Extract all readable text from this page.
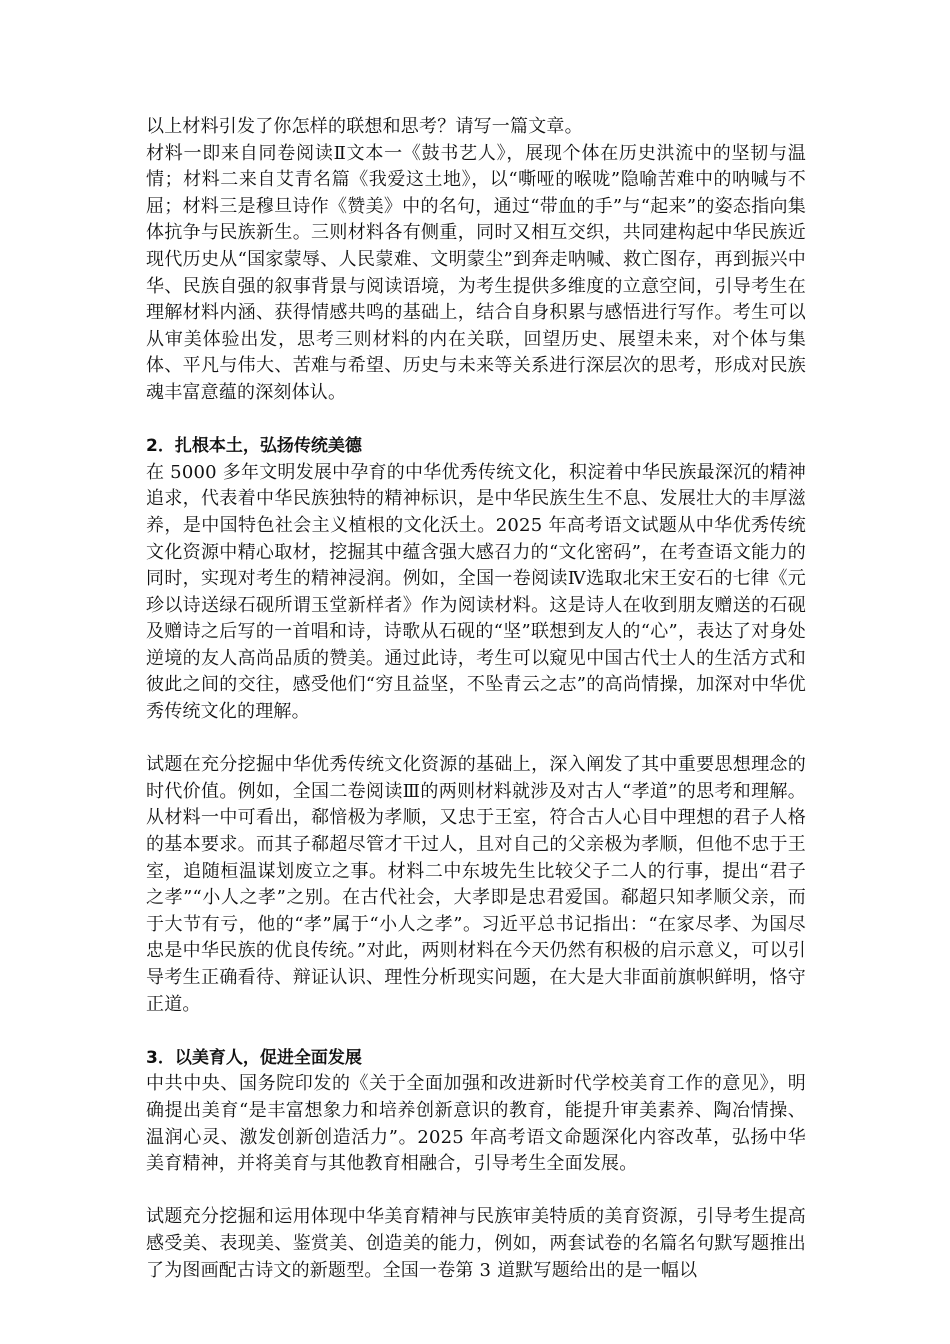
以上材料引发了你怎样的联想和思考？请写一篇文章。

材料一即来自同卷阅读Ⅱ文本一《鼓书艺人》，展现个体在历史洪流中的坚韧与温情；材料二来自艾青名篇《我爱这土地》，以“嘶哑的喉咙”隐喻苦难中的呐喊与不屈；材料三是穆旦诗作《赞美》中的名句，通过“带血的手”与“起来”的姿态指向集体抗争与民族新生。三则材料各有侧重，同时又相互交织，共同建构起中华民族近现代历史从“国家蒙辱、人民蒙难、文明蒙尘”到奔走呐喊、救亡图存，再到振兴中华、民族自强的叙事背景与阅读语境，为考生提供多维度的立意空间，引导考生在理解材料内涵、获得情感共鸣的基础上，结合自身积累与感悟进行写作。考生可以从审美体验出发，思考三则材料的内在关联，回望历史、展望未来，对个体与集体、平凡与伟大、苦难与希望、历史与未来等关系进行深层次的思考，形成对民族魂丰富意蕴的深刻体认。

2．扎根本土，弘扬传统美德

在 5000 多年文明发展中孕育的中华优秀传统文化，积淀着中华民族最深沉的精神追求，代表着中华民族独特的精神标识，是中华民族生生不息、发展壮大的丰厚滋养，是中国特色社会主义植根的文化沃土。2025 年高考语文试题从中华优秀传统文化资源中精心取材，挖掘其中蕴含强大感召力的“文化密码”，在考查语文能力的同时，实现对考生的精神浸润。例如，全国一卷阅读Ⅳ选取北宋王安石的七律《元珍以诗送绿石砚所谓玉堂新样者》作为阅读材料。这是诗人在收到朋友赠送的石砚及赠诗之后写的一首唱和诗，诗歌从石砚的“坚”联想到友人的“心”，表达了对身处逆境的友人高尚品质的赞美。通过此诗，考生可以窥见中国古代士人的生活方式和彼此之间的交往，感受他们“穷且益坚，不坠青云之志”的高尚情操，加深对中华优秀传统文化的理解。

试题在充分挖掘中华优秀传统文化资源的基础上，深入阐发了其中重要思想理念的时代价值。例如，全国二卷阅读Ⅲ的两则材料就涉及对古人“孝道”的思考和理解。从材料一中可看出，郗愔极为孝顺，又忠于王室，符合古人心目中理想的君子人格的基本要求。而其子郗超尽管才干过人，且对自己的父亲极为孝顺，但他不忠于王室，追随桓温谋划废立之事。材料二中东坡先生比较父子二人的行事，提出“君子之孝”“小人之孝”之别。在古代社会，大孝即是忠君爱国。郗超只知孝顺父亲，而于大节有亏，他的“孝”属于“小人之孝”。习近平总书记指出：“在家尽孝、为国尽忠是中华民族的优良传统。”对此，两则材料在今天仍然有积极的启示意义，可以引导考生正确看待、辩证认识、理性分析现实问题，在大是大非面前旗帜鲜明，恪守正道。

3．以美育人，促进全面发展

中共中央、国务院印发的《关于全面加强和改进新时代学校美育工作的意见》，明确提出美育“是丰富想象力和培养创新意识的教育，能提升审美素养、陶冶情操、温润心灵、激发创新创造活力”。2025 年高考语文命题深化内容改革，弘扬中华美育精神，并将美育与其他教育相融合，引导考生全面发展。

试题充分挖掘和运用体现中华美育精神与民族审美特质的美育资源，引导考生提高感受美、表现美、鉴赏美、创造美的能力，例如，两套试卷的名篇名句默写题推出了为图画配古诗文的新题型。全国一卷第 3 道默写题给出的是一幅以
